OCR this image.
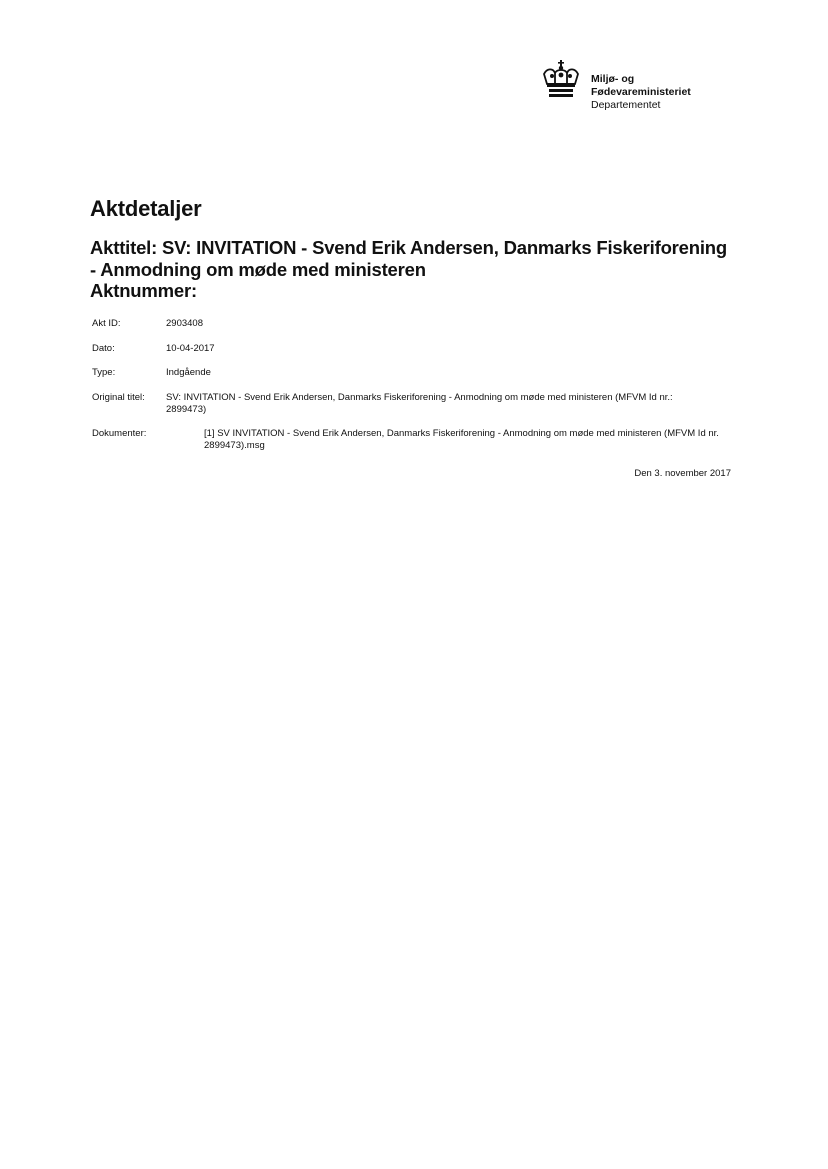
Miljø- og
Fødevareministeriet
Departementet
Aktdetaljer
Akttitel: SV: INVITATION - Svend Erik Andersen, Danmarks Fiskeriforening
- Anmodning om møde med ministeren
Aktnummer:
Akt ID:	2903408
Dato:	10-04-2017
Type:	Indgående
Original titel: SV: INVITATION - Svend Erik Andersen, Danmarks Fiskeriforening - Anmodning om møde med ministeren (MFVM Id nr.: 2899473)
Dokumenter:	[1] SV INVITATION - Svend Erik Andersen, Danmarks Fiskeriforening - Anmodning om møde med ministeren (MFVM Id nr. 2899473).msg
Den 3. november 2017
